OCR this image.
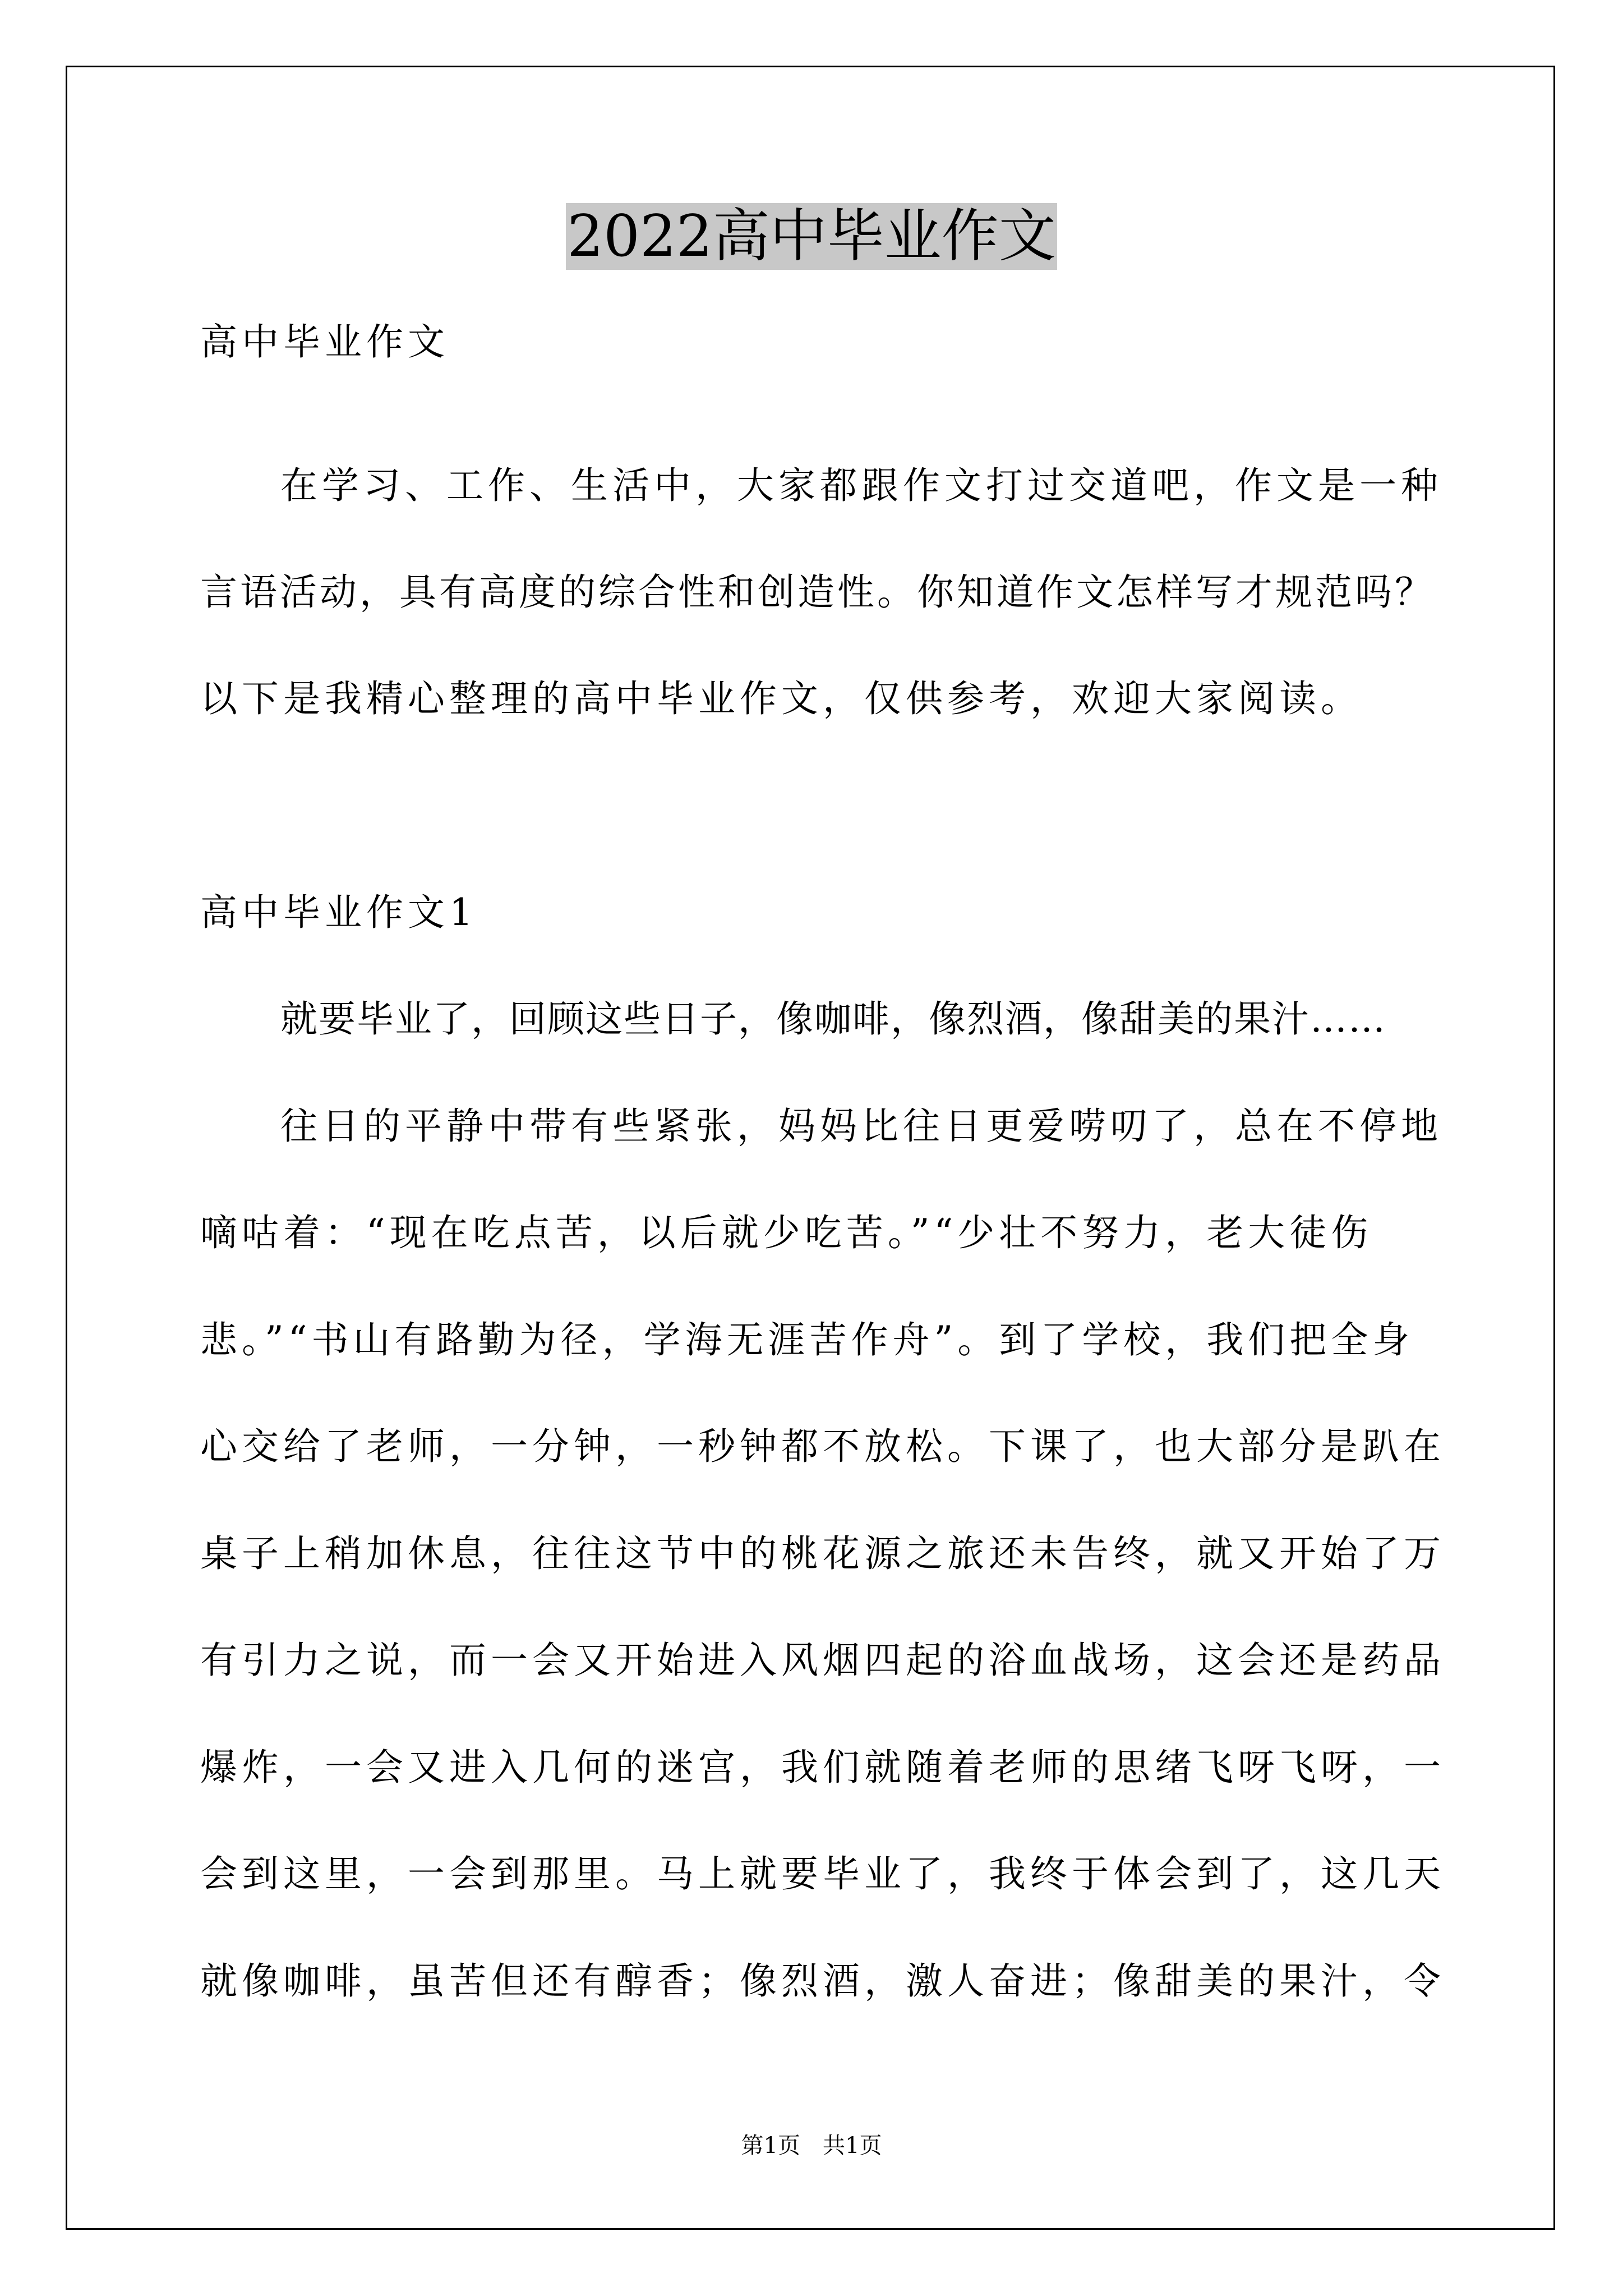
2022高中毕业作文
高中毕业作文
在学习、工作、生活中，大家都跟作文打过交道吧，作文是一种
言语活动，具有高度的综合性和创造性。你知道作文怎样写才规范吗？
以下是我精心整理的高中毕业作文，仅供参考，欢迎大家阅读。
高中毕业作文1
就要毕业了，回顾这些日子，像咖啡，像烈酒，像甜美的果汁……
往日的平静中带有些紧张，妈妈比往日更爱唠叨了，总在不停地
嘀咕着：“现在吃点苦，以后就少吃苦。”“少壮不努力，老大徒伤
悲。”“书山有路勤为径，学海无涯苦作舟”。到了学校，我们把全身
心交给了老师，一分钟，一秒钟都不放松。下课了，也大部分是趴在
桌子上稍加休息，往往这节中的桃花源之旅还未告终，就又开始了万
有引力之说，而一会又开始进入风烟四起的浴血战场，这会还是药品
爆炸，一会又进入几何的迷宫，我们就随着老师的思绪飞呀飞呀，一
会到这里，一会到那里。马上就要毕业了，我终于体会到了，这几天
就像咖啡，虽苦但还有醇香；像烈酒，激人奋进；像甜美的果汁，令
第1页　共1页
